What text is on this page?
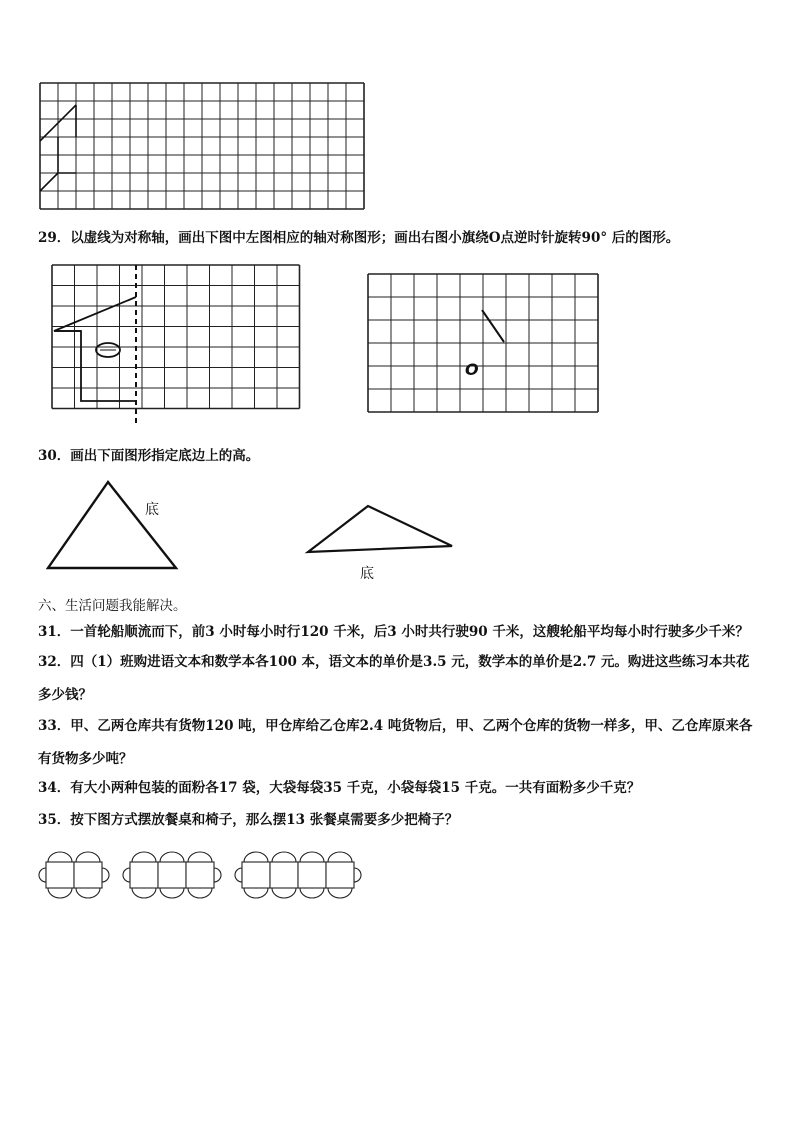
29．以虚线为对称轴，画出下图中左图相应的轴对称图形；画出右图小旗绕O点逆时针旋转90° 后的图形。
O
30．画出下面图形指定底边上的高。
底
底
六、生活问题我能解决。
31．一首轮船顺流而下，前3 小时每小时行120 千米，后3 小时共行驶90 千米，这艘轮船平均每小时行驶多少千米？
32．四（1）班购进语文本和数学本各100 本，语文本的单价是3.5 元，数学本的单价是2.7 元。购进这些练习本共花多少钱？
33．甲、乙两仓库共有货物120 吨，甲仓库给乙仓库2.4 吨货物后，甲、乙两个仓库的货物一样多，甲、乙仓库原来各有货物多少吨？
34．有大小两种包装的面粉各17 袋，大袋每袋35 千克，小袋每袋15 千克。一共有面粉多少千克？
35．按下图方式摆放餐桌和椅子，那么摆13 张餐桌需要多少把椅子？
